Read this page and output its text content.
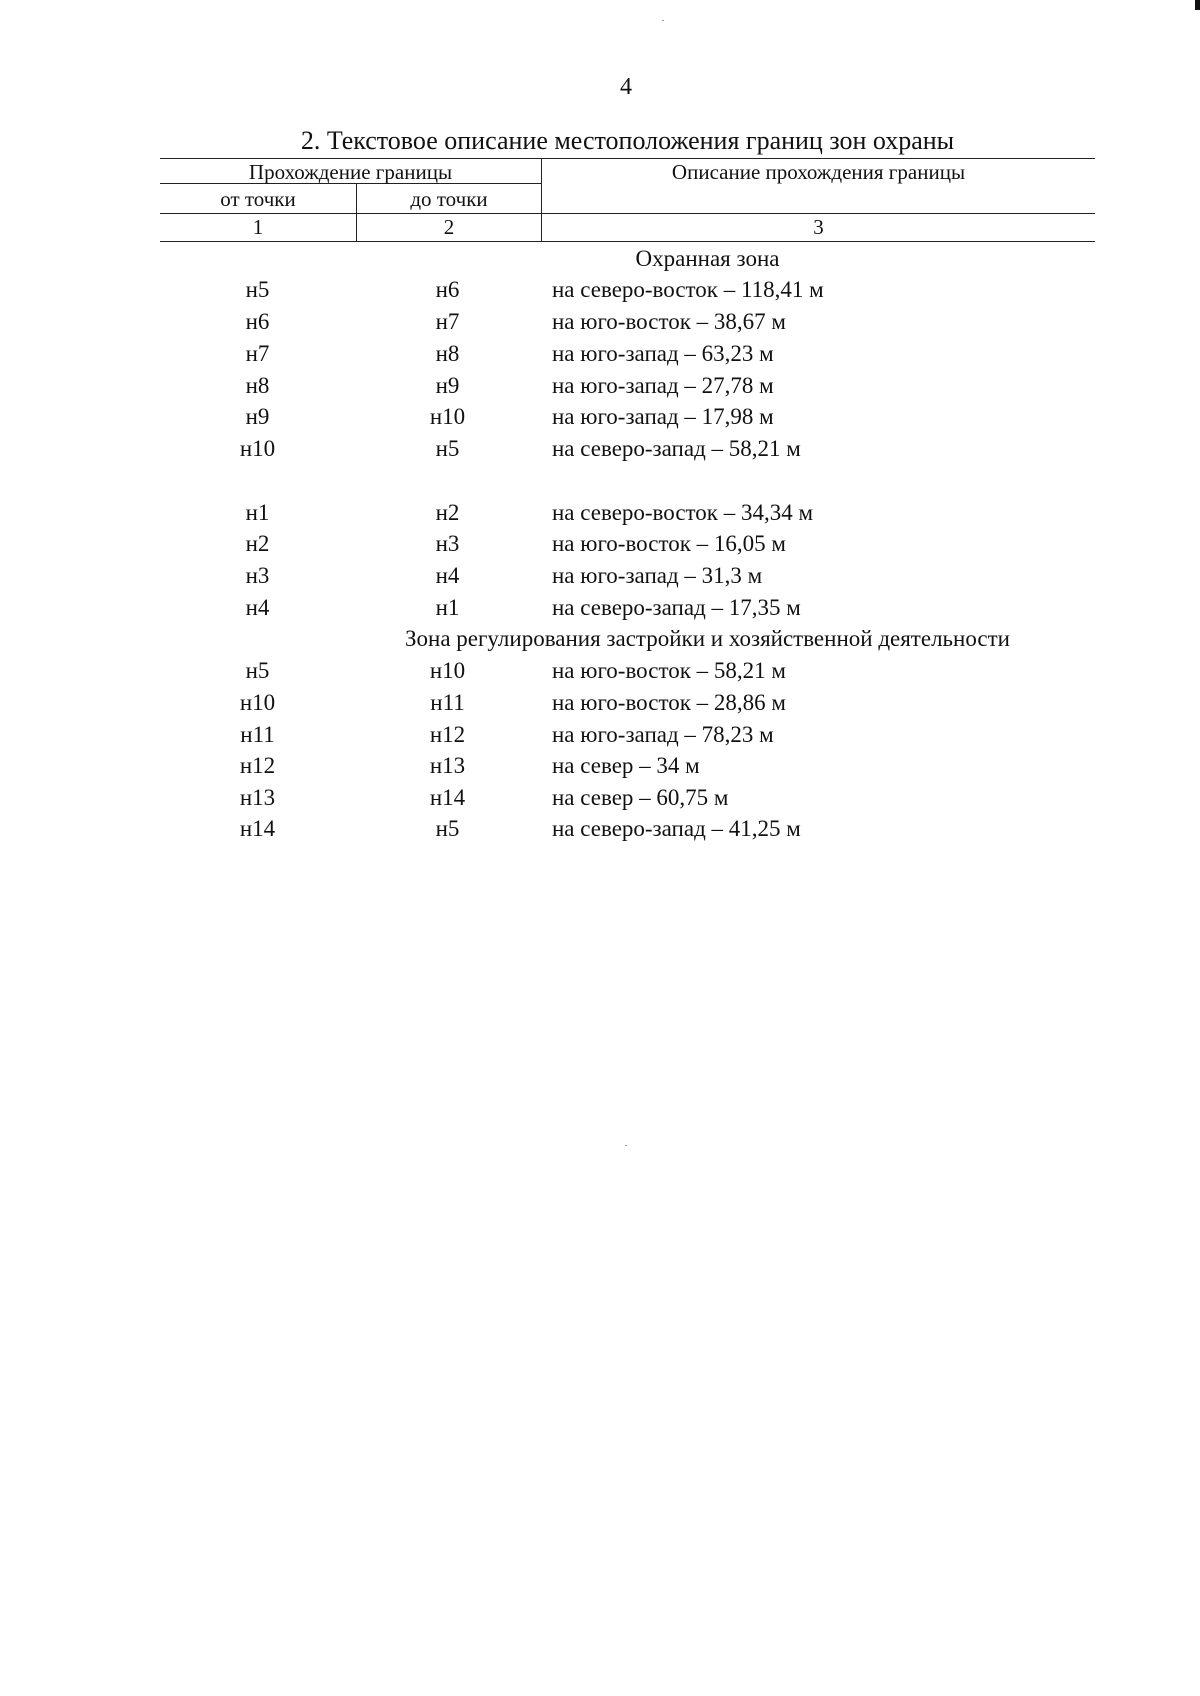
4
2. Текстовое описание местоположения границ зон охраны
Прохождение границы
от точки	до точки
Описание прохождения границы
1	2	3
Охранная зона
н5	н6	на северо-восток – 118,41 м
н6	н7	на юго-восток – 38,67 м
н7	н8	на юго-запад – 63,23 м
н8	н9	на юго-запад – 27,78 м
н9	н10	на юго-запад – 17,98 м
н10	н5	на северо-запад – 58,21 м
н1	н2	на северо-восток – 34,34 м
н2	н3	на юго-восток – 16,05 м
н3	н4	на юго-запад – 31,3 м
н4	н1	на северо-запад – 17,35 м
Зона регулирования застройки и хозяйственной деятельности
н5	н10	на юго-восток – 58,21 м
н10	н11	на юго-восток – 28,86 м
н11	н12	на юго-запад – 78,23 м
н12	н13	на север – 34 м
н13	н14	на север – 60,75 м
н14	н5	на северо-запад – 41,25 м
